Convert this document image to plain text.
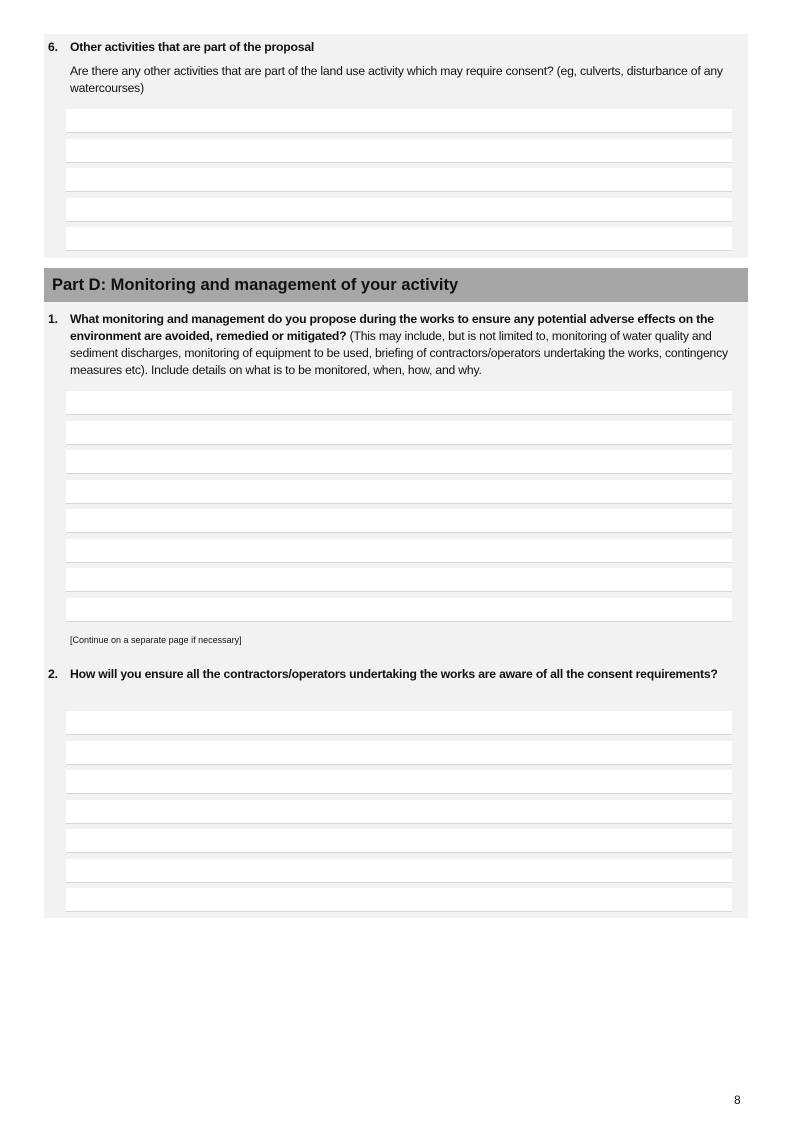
6. Other activities that are part of the proposal
Are there any other activities that are part of the land use activity which may require consent? (eg, culverts, disturbance of any watercourses)
Part D: Monitoring and management of your activity
1. What monitoring and management do you propose during the works to ensure any potential adverse effects on the environment are avoided, remedied or mitigated? (This may include, but is not limited to, monitoring of water quality and sediment discharges, monitoring of equipment to be used, briefing of contractors/operators undertaking the works, contingency measures etc). Include details on what is to be monitored, when, how, and why.
[Continue on a separate page if necessary]
2. How will you ensure all the contractors/operators undertaking the works are aware of all the consent requirements?
8
